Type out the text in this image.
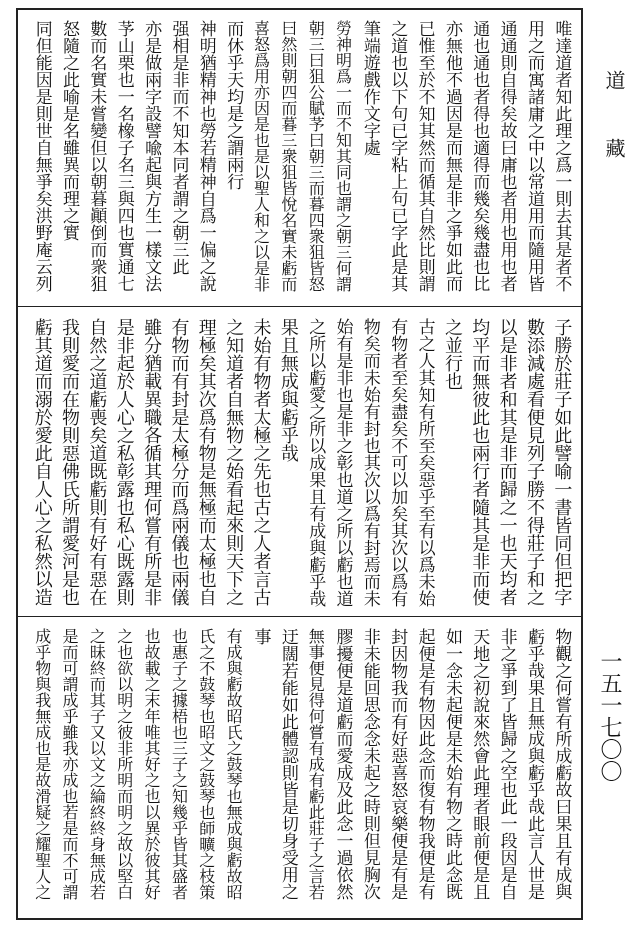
唯達道者知此理之爲一則去其是者不
用之而寓諸庸之中以常道用而隨用皆
通通則自得矣故曰庸也者用也用也者
通也通也者得也適得而幾矣幾盡也比
亦無他不過因是而無是非之爭如此而
已惟至於不知其然而循其自然比則謂
之道也以下句已字粘上句已字此是其
筆端遊戲作文字處
勞神明爲一而不知其同也謂之朝三何謂
朝三曰狙公賦芧曰朝三而暮四衆狙皆怒
曰然則朝四而暮三衆狙皆悅名實未虧而
喜怒爲用亦因是也是以聖人和之以是非
而休乎天均是之謂兩行
神明猶精神也勞若精神自爲一偏之說
强相是非而不知本同者謂之朝三此
亦是做兩字設譬喩起與方生一樣文法
芧山栗也一名橡子名三與四也實通七
數而名實未嘗變但以朝暮顚倒而衆狙
怒隨之此喻是名雖異而理之實
同但能因是則世自無爭矣洪野庵云列
子勝於莊子如此譬喻一書皆同但把字
數添減處看便見列子勝不得莊子和之
以是非者和其是非而歸之一也天均者
均平而無彼此也兩行者隨其是非而使
之並行也
古之人其知有所至矣惡乎至有以爲未始
有物者至矣盡矣不可以加矣其次以爲有
物矣而未始有封也其次以爲有封焉而未
始有是非也是非之彰也道之所以虧也道
之所以虧愛之所以成果且有成與虧乎哉
果且無成與虧乎哉
未始有物者太極之先也古之人者言古
之知道者自無物之始看起來則天下之
理極矣其次爲有物是無極而太極也自
有物而有封是太極分而爲兩儀也兩儀
雖分猶載異職各循其理何嘗有所是非
是非起於人心之私彰露也私心既露則
自然之道虧喪矣道既虧則有好有惡在
我則愛而在物則惡佛氏所謂愛河是也
虧其道而溺於愛此自人心之私然以造
物觀之何嘗有所成虧故曰果且有成與
虧乎哉果且無成與虧乎哉此言人世是
非之爭到了皆歸之空也此一段因是自
天地之初說來然會此理者眼前便是且
如一念未起便是未始有物之時此念既
起便是有物因此念而復有物我便是有
封因物我而有好惡喜怒哀樂便是有是
非未能回思念念未起之時則但見胸次
膠擾便是道虧而愛成及此念一過依然
無事便見得何嘗有成有虧此莊子之言若
迂闊若能如此體認則皆是切身受用之
事
有成與虧故昭氏之鼓琴也無成與虧故昭
氏之不鼓琴也昭文之鼓琴也師曠之枝策
也惠子之據梧也三子之知幾乎皆其盛者
也故載之末年唯其好之也以異於彼其好
之也欲以明之彼非所明而明之故以堅白
之昧終而其子又以文之綸終終身無成若
是而可謂成乎雖我亦成也若是而不可謂
成乎物與我無成也是故滑疑之耀聖人之
道　藏
一五一七〇〇
